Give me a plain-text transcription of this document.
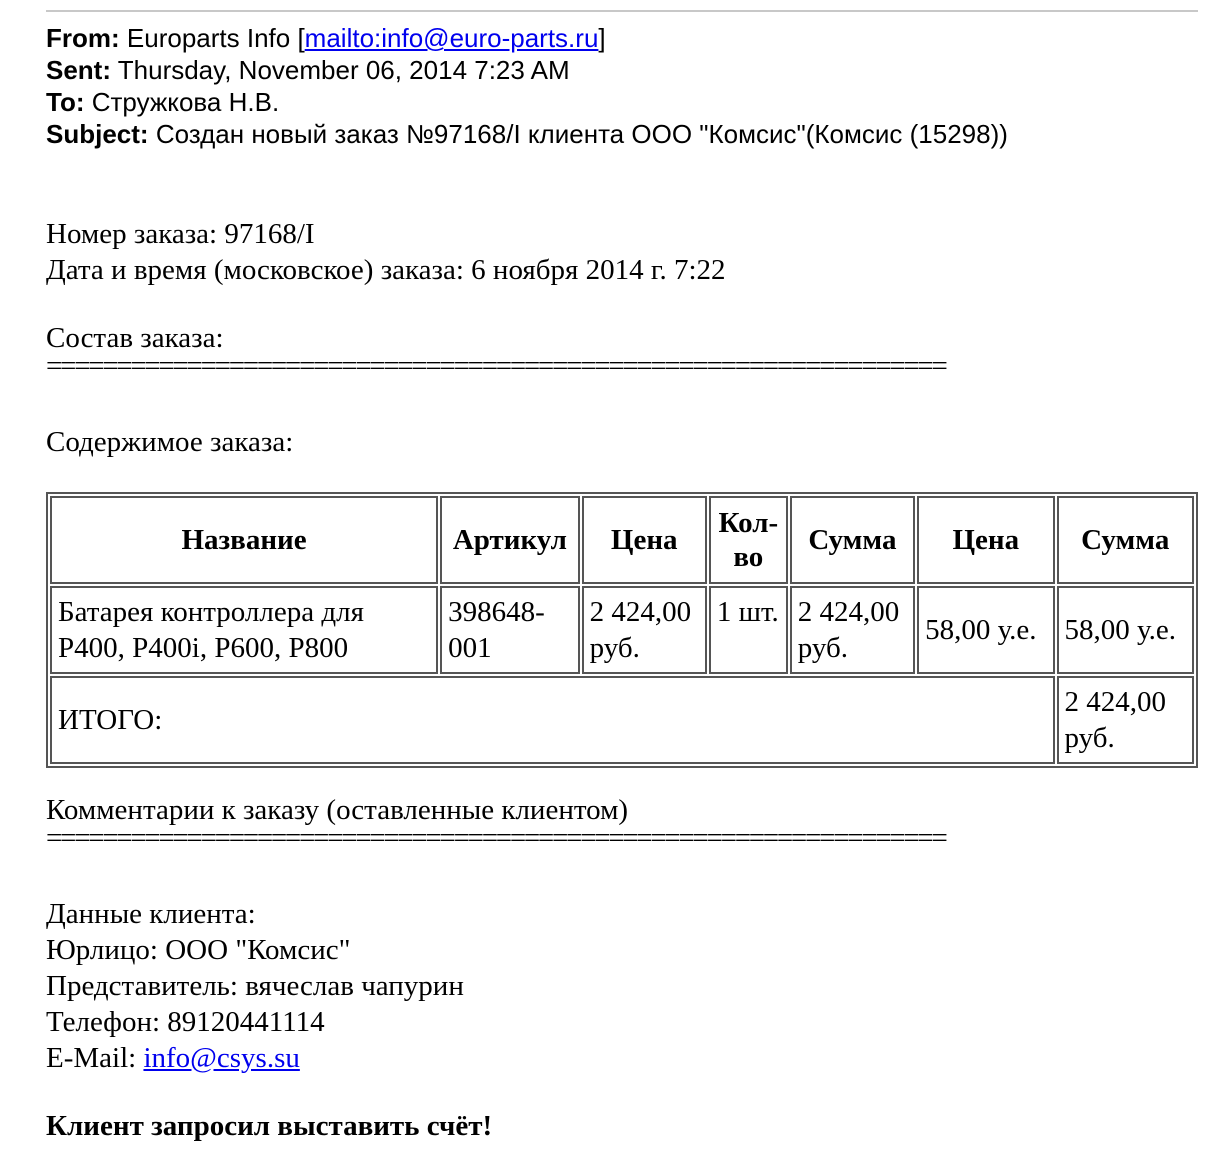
From: Europarts Info [mailto:info@euro-parts.ru]
Sent: Thursday, November 06, 2014 7:23 AM
To: Стружкова Н.В.
Subject: Создан новый заказ №97168/I клиента ООО "Комсис"(Комсис (15298))
Номер заказа: 97168/I
Дата и время (московское) заказа: 6 ноября 2014 г. 7:22
Состав заказа:
================================================================
Содержимое заказа:
Название	Артикул	Цена	Кол-во	Сумма	Цена	Сумма
Батарея контроллера для P400, P400i, P600, P800	398648-001	2 424,00 руб.	1 шт.	2 424,00 руб.	58,00 у.е.	58,00 у.е.
ИТОГО:						2 424,00 руб.
Комментарии к заказу (оставленные клиентом)
================================================================
Данные клиента:
Юрлицо: ООО "Комсис"
Представитель: вячеслав чапурин
Телефон: 89120441114
E-Mail: info@csys.su
Клиент запросил выставить счёт!
